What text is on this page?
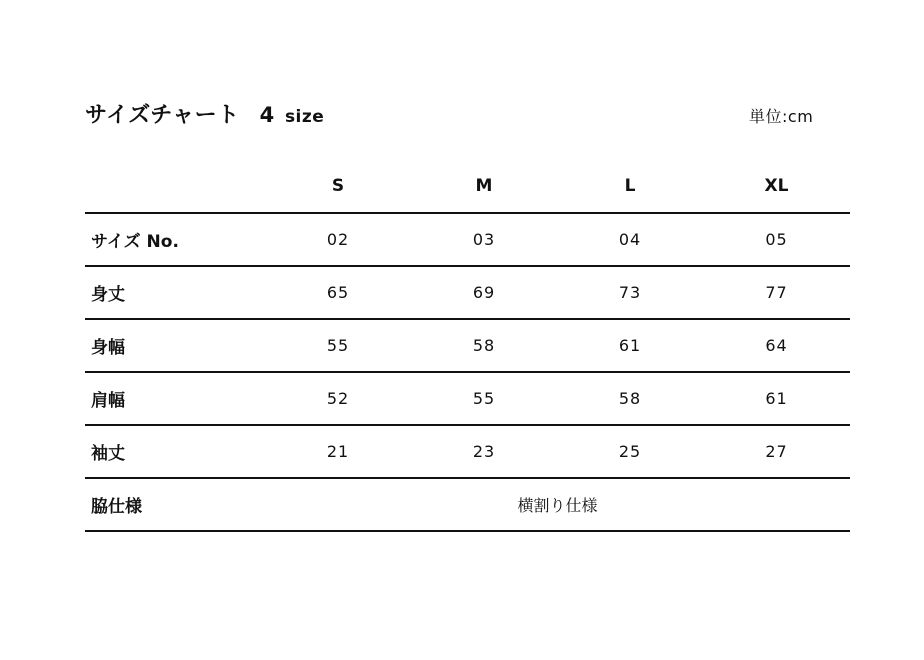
サイズチャート 4 size	単位:cm
	S	M	L	XL
サイズ No.	02	03	04	05
身丈	65	69	73	77
身幅	55	58	61	64
肩幅	52	55	58	61
袖丈	21	23	25	27
脇仕様	横割り仕様			
